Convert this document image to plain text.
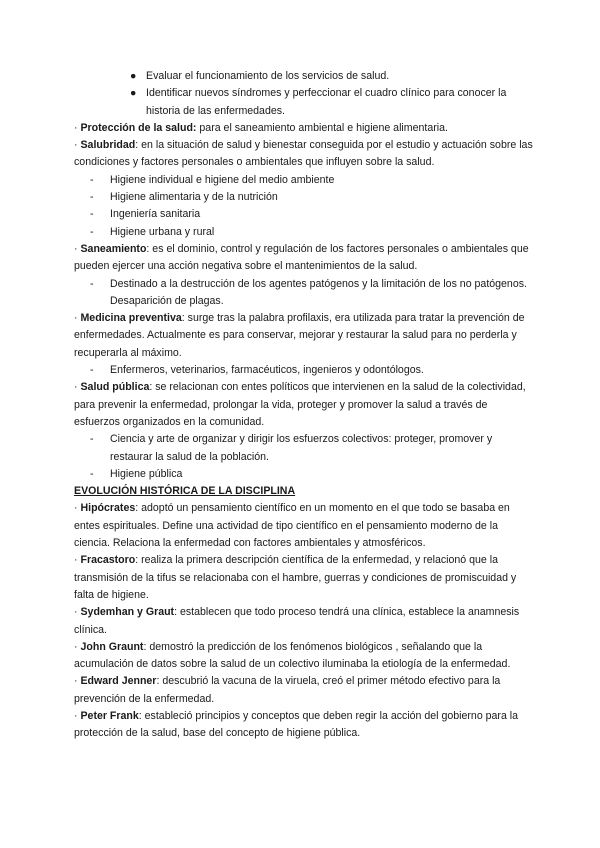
● Evaluar el funcionamiento de los servicios de salud.

● Identificar nuevos síndromes y perfeccionar el cuadro clínico para conocer la historia de las enfermedades.

· Protección de la salud: para el saneamiento ambiental e higiene alimentaria.

· Salubridad: en la situación de salud y bienestar conseguida por el estudio y actuación sobre las condiciones y factores personales o ambientales que influyen sobre la salud.

- Higiene individual e higiene del medio ambiente

- Higiene alimentaria y de la nutrición

- Ingeniería sanitaria

- Higiene urbana y rural

· Saneamiento: es el dominio, control y regulación de los factores personales o ambientales que pueden ejercer una acción negativa sobre el mantenimientos de la salud.

- Destinado a la destrucción de los agentes patógenos y la limitación de los no patógenos. Desaparición de plagas.

· Medicina preventiva: surge tras la palabra profilaxis, era utilizada para tratar la prevención de enfermedades. Actualmente es para conservar, mejorar y restaurar la salud para no perderla y recuperarla al máximo.

- Enfermeros, veterinarios, farmacéuticos, ingenieros y odontólogos.

· Salud pública: se relacionan con entes políticos que intervienen en la salud de la colectividad, para prevenir la enfermedad, prolongar la vida, proteger y promover la salud a través de esfuerzos organizados en la comunidad.

- Ciencia y arte de organizar y dirigir los esfuerzos colectivos: proteger, promover y restaurar la salud de la población.

- Higiene pública

EVOLUCIÓN HISTÓRICA DE LA DISCIPLINA

· Hipócrates: adoptó un pensamiento científico en un momento en el que todo se basaba en entes espirituales. Define una actividad de tipo científico en el pensamiento moderno de la ciencia. Relaciona la enfermedad con factores ambientales y atmosféricos.

· Fracastoro: realiza la primera descripción científica de la enfermedad, y relacionó que la transmisión de la tifus se relacionaba con el hambre, guerras y condiciones de promiscuidad y falta de higiene.

· Sydemhan y Graut: establecen que todo proceso tendrá una clínica, establece la anamnesis clínica.

· John Graunt: demostró la predicción de los fenómenos biológicos , señalando que la acumulación de datos sobre la salud de un colectivo iluminaba la etiología de la enfermedad.

· Edward Jenner: descubrió la vacuna de la viruela, creó el primer método efectivo para la prevención de la enfermedad.

· Peter Frank: estableció principios y conceptos que deben regir la acción del gobierno para la protección de la salud, base del concepto de higiene pública.
